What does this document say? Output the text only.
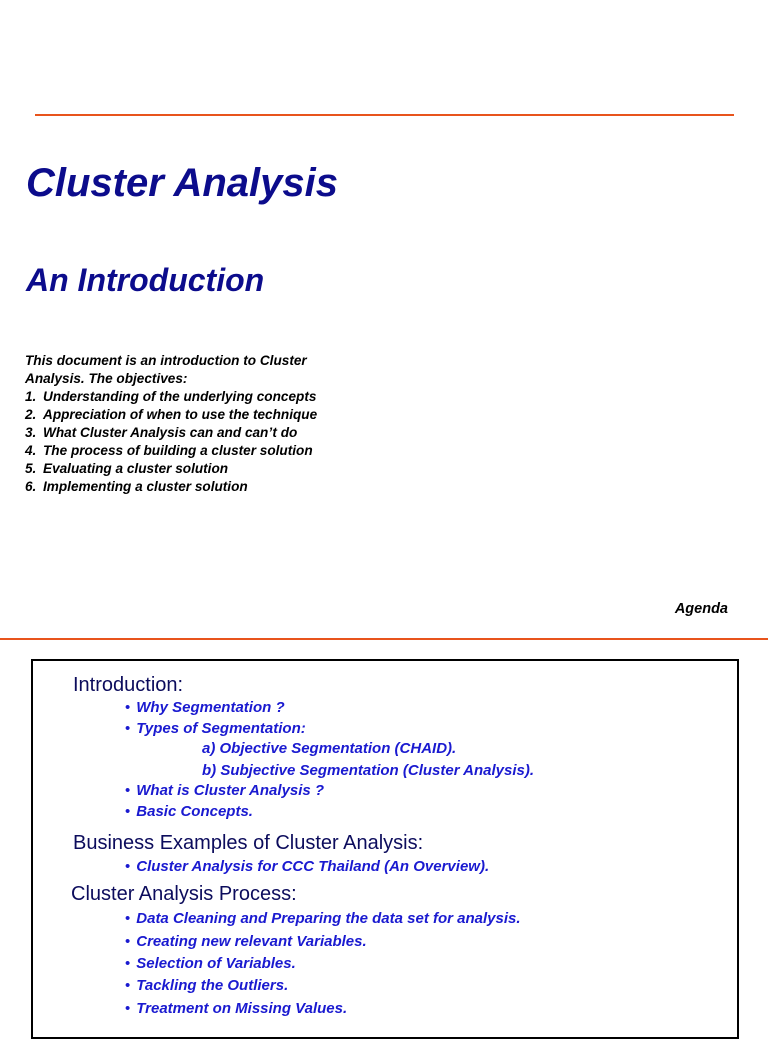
Cluster Analysis
An Introduction
This document is an introduction to Cluster
Analysis. The objectives:
1. Understanding of the underlying concepts
2. Appreciation of when to use the technique
3. What Cluster Analysis can and can’t do
4. The process of building a cluster solution
5. Evaluating a cluster solution
6. Implementing a cluster solution
Agenda
Introduction:
• Why Segmentation ?
• Types of Segmentation:
a) Objective Segmentation (CHAID).
b) Subjective Segmentation (Cluster Analysis).
• What is Cluster Analysis ?
• Basic Concepts.
Business Examples of Cluster Analysis:
• Cluster Analysis for CCC Thailand (An Overview).
Cluster Analysis Process:
• Data Cleaning and Preparing the data set for analysis.
• Creating new relevant Variables.
• Selection of Variables.
• Tackling the Outliers.
• Treatment on Missing Values.
